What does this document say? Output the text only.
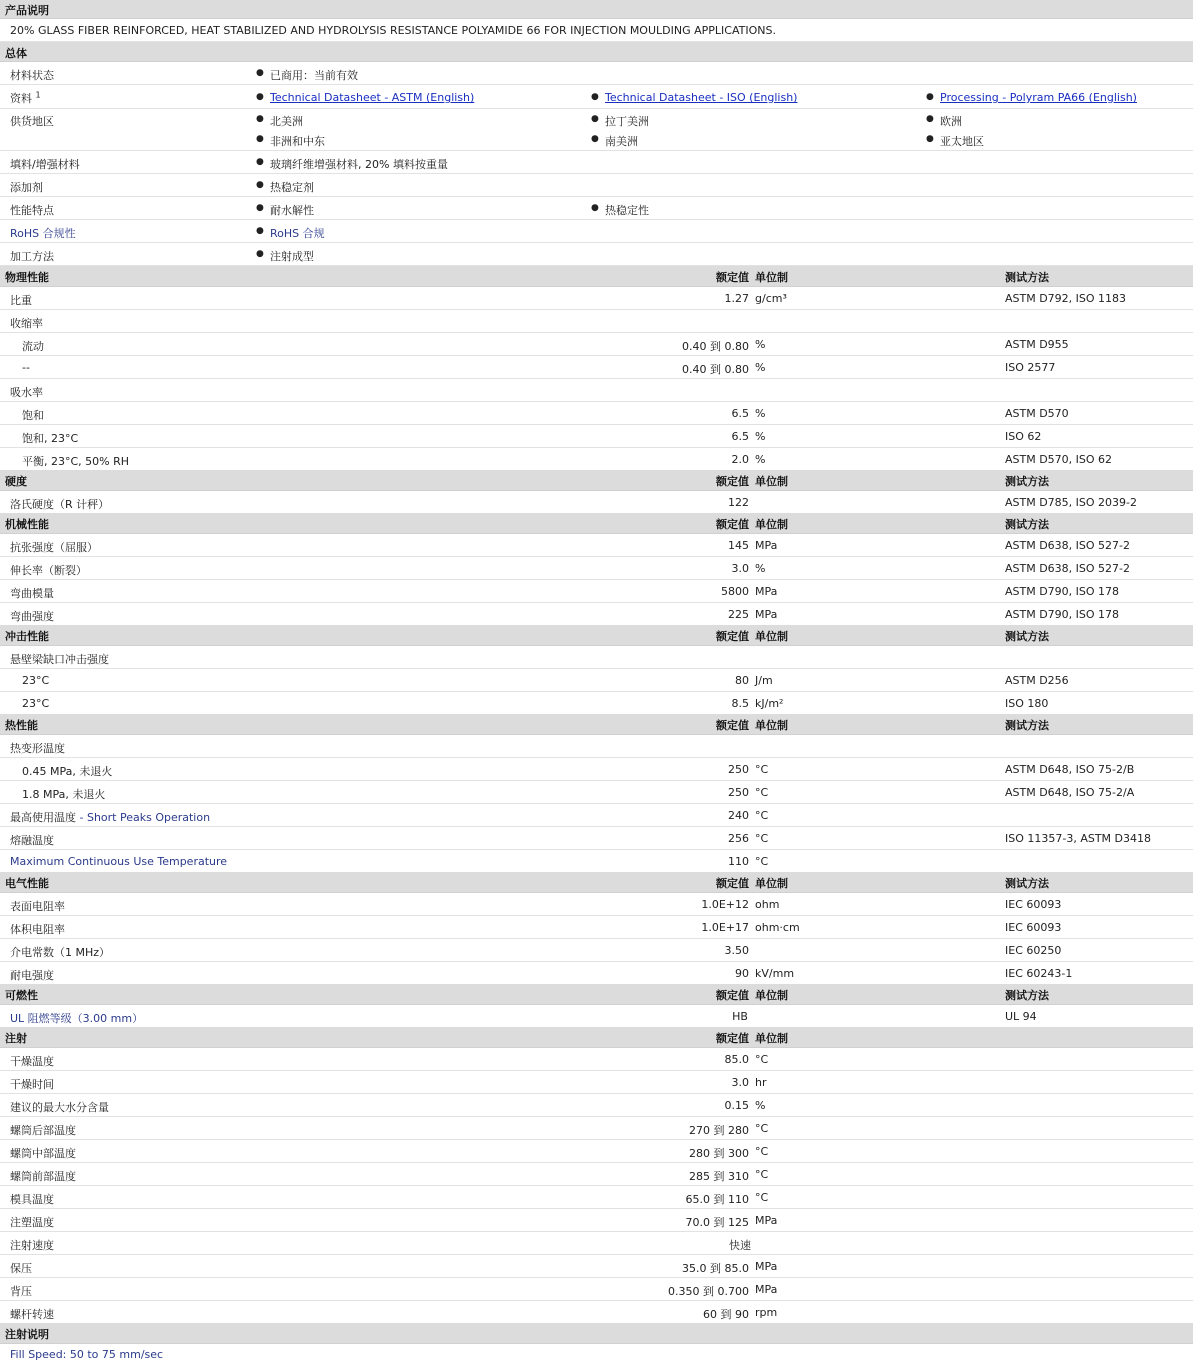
产品说明
20% GLASS FIBER REINFORCED, HEAT STABILIZED AND HYDROLYSIS RESISTANCE POLYAMIDE 66 FOR INJECTION MOULDING APPLICATIONS.
总体
材料状态	● 已商用：当前有效
资料 $^1$	● Technical Datasheet - ASTM (English)	● Technical Datasheet - ISO (English)	● Processing - Polyram PA66 (English)
供货地区	● 北美洲	● 拉丁美洲	● 欧洲
● 非洲和中东	● 南美洲	● 亚太地区
填料/增强材料	● 玻璃纤维增强材料, 20% 填料按重量
添加剂	● 热稳定剂
性能特点	● 耐水解性	● 热稳定性
RoHS 合规性	● RoHS 合规
加工方法	● 注射成型
物理性能	额定值 单位制	测试方法
比重	1.27 g/cm³	ASTM D792, ISO 1183
收缩率
流动	0.40 到 0.80 %	ASTM D955
--	0.40 到 0.80 %	ISO 2577
吸水率
饱和	6.5 %	ASTM D570
饱和, 23°C	6.5 %	ISO 62
平衡, 23°C, 50% RH	2.0 %	ASTM D570, ISO 62
硬度	额定值 单位制	测试方法
洛氏硬度（R 计秤）	122	ASTM D785, ISO 2039-2
机械性能	额定值 单位制	测试方法
抗张强度（屈服）	145 MPa	ASTM D638, ISO 527-2
伸长率（断裂）	3.0 %	ASTM D638, ISO 527-2
弯曲模量	5800 MPa	ASTM D790, ISO 178
弯曲强度	225 MPa	ASTM D790, ISO 178
冲击性能	额定值 单位制	测试方法
悬壁梁缺口冲击强度
23°C	80 J/m	ASTM D256
23°C	8.5 kJ/m²	ISO 180
热性能	额定值 单位制	测试方法
热变形温度
0.45 MPa, 未退火	250 °C	ASTM D648, ISO 75-2/B
1.8 MPa, 未退火	250 °C	ASTM D648, ISO 75-2/A
最高使用温度 - Short Peaks Operation	240 °C
熔融温度	256 °C	ISO 11357-3, ASTM D3418
Maximum Continuous Use Temperature	110 °C
电气性能	额定值 单位制	测试方法
表面电阻率	1.0E+12 ohm	IEC 60093
体积电阻率	1.0E+17 ohm·cm	IEC 60093
介电常数（1 MHz）	3.50	IEC 60250
耐电强度	90 kV/mm	IEC 60243-1
可燃性	额定值 单位制	测试方法
UL 阻燃等级（3.00 mm）	HB	UL 94
注射	额定值 单位制
干燥温度	85.0 °C
干燥时间	3.0 hr
建议的最大水分含量	0.15 %
螺筒后部温度	270 到 280 °C
螺筒中部温度	280 到 300 °C
螺筒前部温度	285 到 310 °C
模具温度	65.0 到 110 °C
注塑温度	70.0 到 125 MPa
注射速度	快速
保压	35.0 到 85.0 MPa
背压	0.350 到 0.700 MPa
螺杆转速	60 到 90 rpm
注射说明
Fill Speed: 50 to 75 mm/sec
